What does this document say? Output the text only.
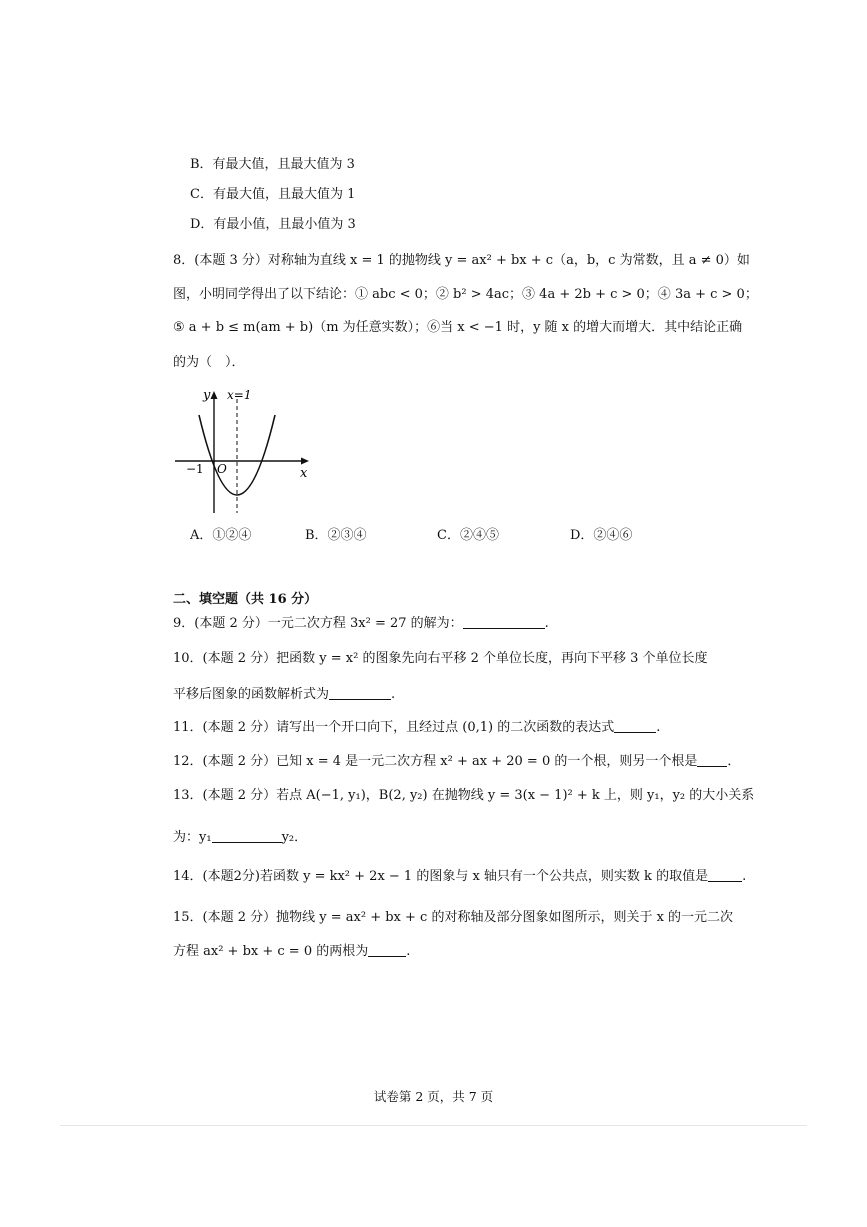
B．有最大值，且最大值为 3
C．有最大值，且最大值为 1
D．有最小值，且最小值为 3
8．(本题 3 分）对称轴为直线 x = 1 的抛物线 y = ax² + bx + c（a，b，c 为常数，且 a ≠ 0）如
图，小明同学得出了以下结论：① abc < 0；② b² > 4ac；③ 4a + 2b + c > 0；④ 3a + c > 0；
⑤ a + b ≤ m(am + b)（m 为任意实数）；⑥当 x < −1 时，y 随 x 的增大而增大．其中结论正确
的为（　）．
y x=1
x
O
−1
A．①②④	B．②③④	C．②④⑤	D．②④⑥
二、填空题（共 16 分）
9．(本题 2 分）一元二次方程 3x² = 27 的解为：	.
10．(本题 2 分）把函数 y = x² 的图象先向右平移 2 个单位长度，再向下平移 3 个单位长度
平移后图象的函数解析式为	.
11．(本题 2 分）请写出一个开口向下，且经过点 (0,1) 的二次函数的表达式	.
12．(本题 2 分）已知 x = 4 是一元二次方程 x² + ax + 20 = 0 的一个根，则另一个根是 ．
13．(本题 2 分）若点 A(−1, y₁)，B(2, y₂) 在抛物线 y = 3(x − 1)² + k 上，则 y₁，y₂ 的大小关系
为：y₁	y₂．
14．(本题2分)若函数 y = kx² + 2x − 1 的图象与 x 轴只有一个公共点，则实数 k 的取值是	.
15．(本题 2 分）抛物线 y = ax² + bx + c 的对称轴及部分图象如图所示，则关于 x 的一元二次
方程 ax² + bx + c = 0 的两根为	.
试卷第 2 页，共 7 页
